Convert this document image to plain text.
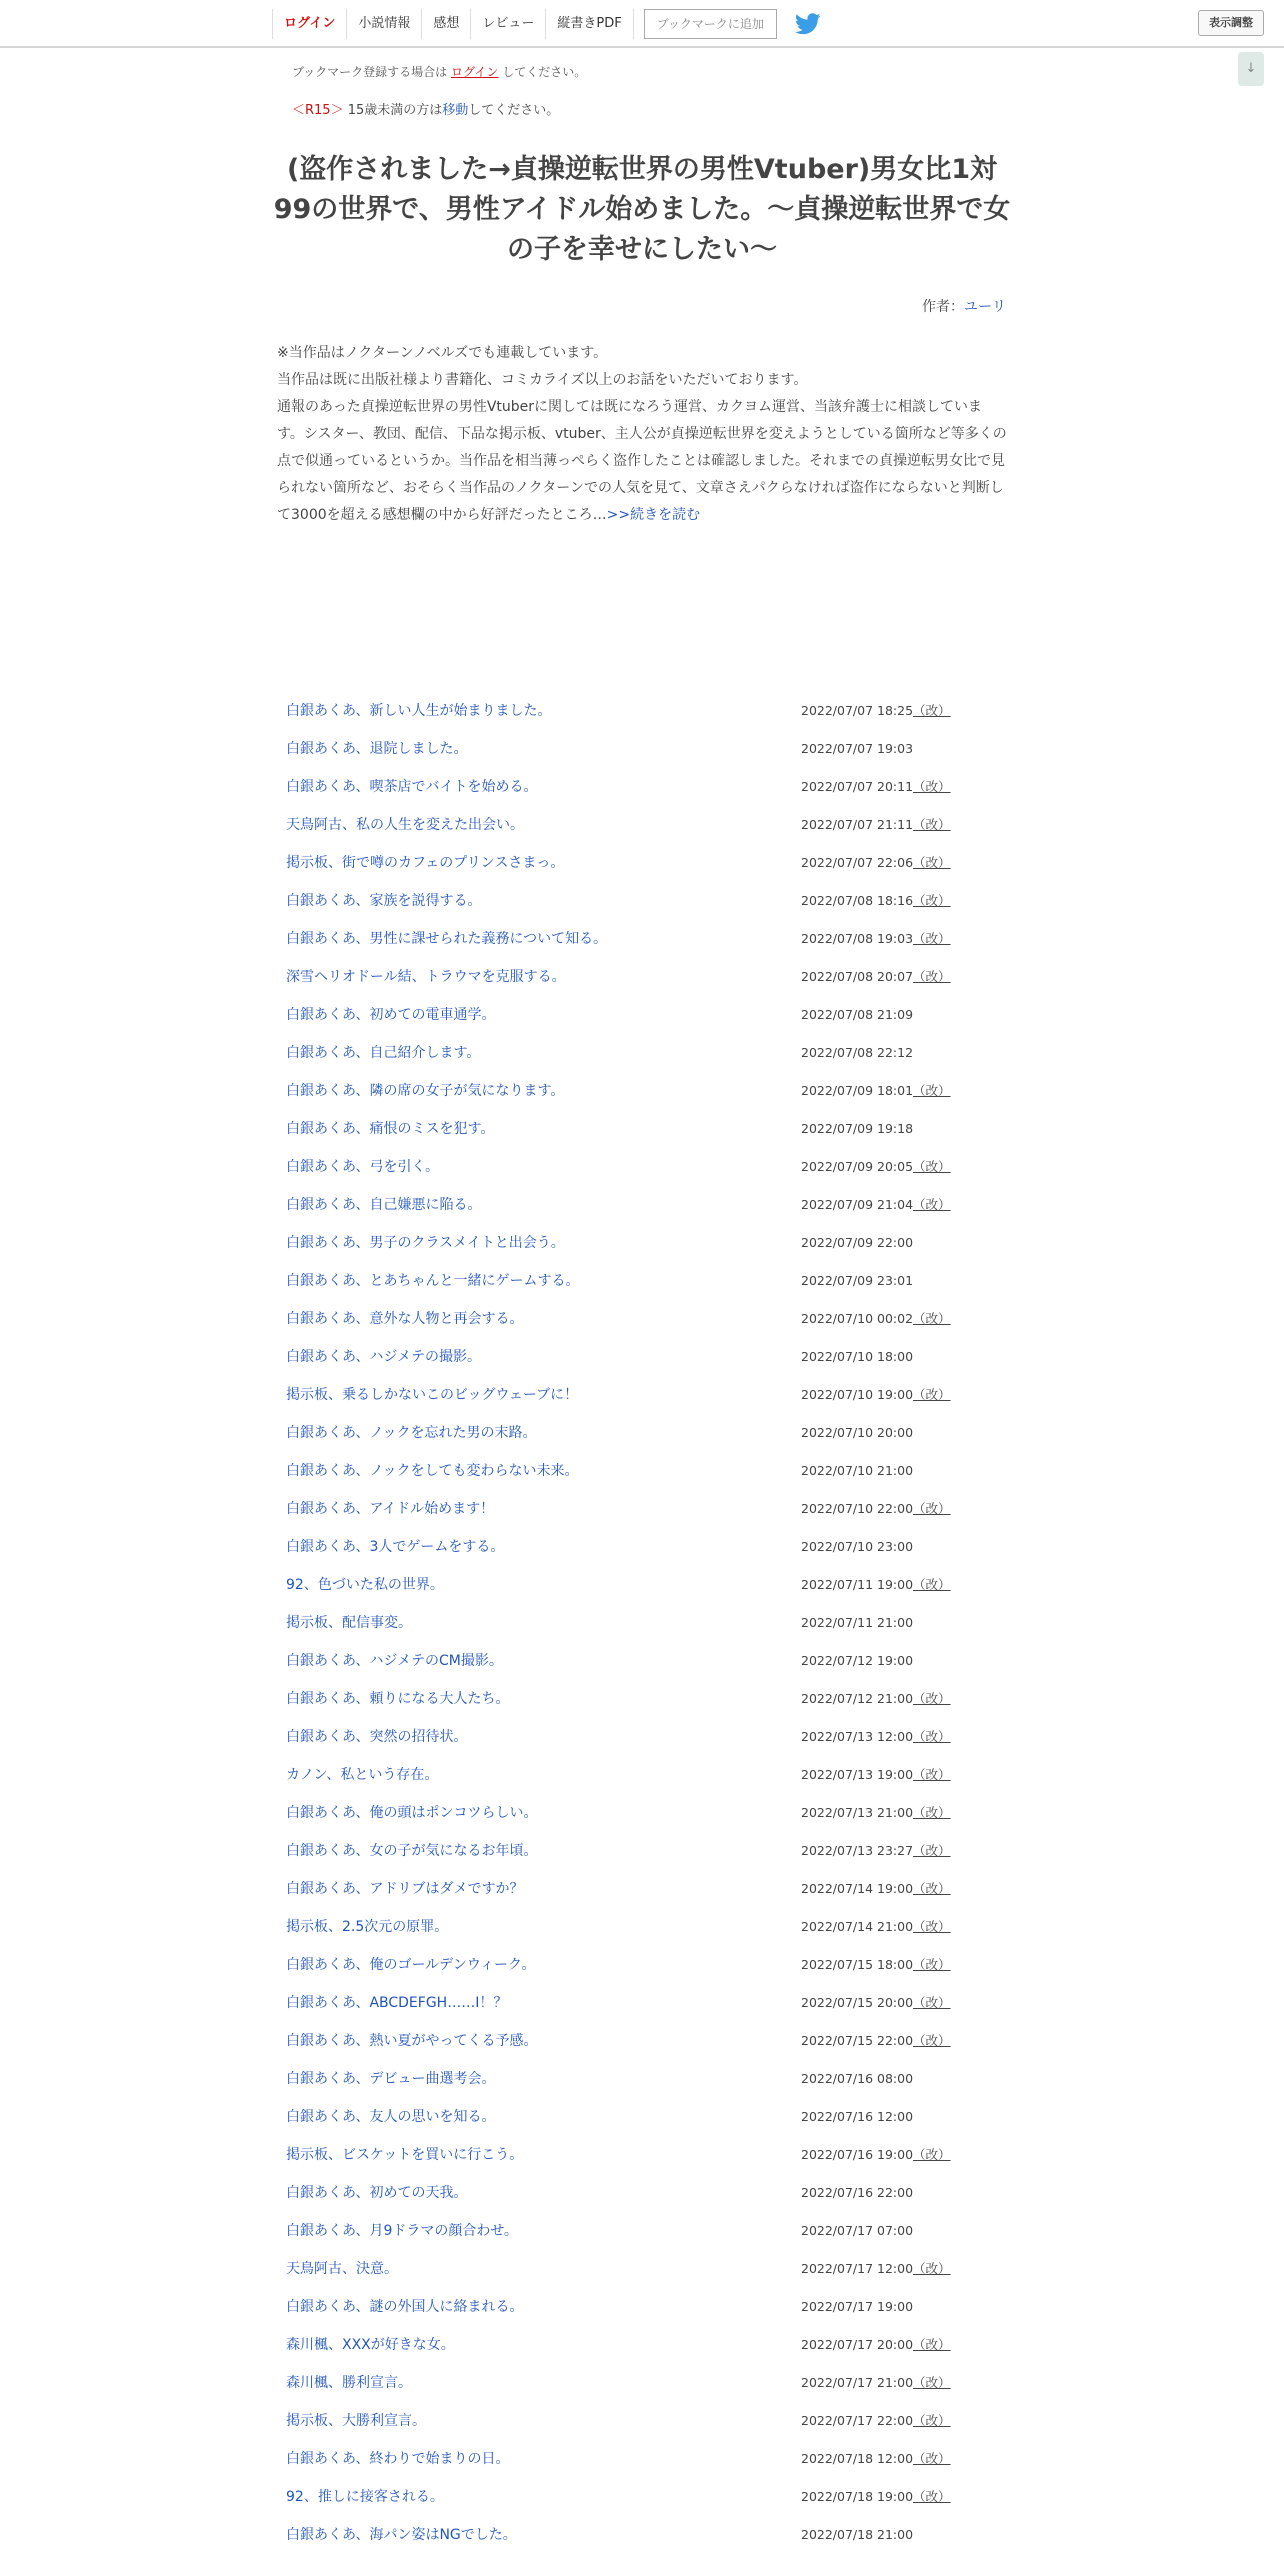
ログイン	小説情報	感想	レビュー	縦書きPDF	ブックマークに追加	表示調整
↓
ブックマーク登録する場合は ログイン してください。
＜R15＞ 15歳未満の方は移動してください。
(盗作されました→貞操逆転世界の男性Vtuber)男女比1対99の世界で、男性アイドル始めました。〜貞操逆転世界で女の子を幸せにしたい〜
作者：ユーリ
※当作品はノクターンノベルズでも連載しています。
当作品は既に出版社様より書籍化、コミカライズ以上のお話をいただいております。
通報のあった貞操逆転世界の男性Vtuberに関しては既になろう運営、カクヨム運営、当該弁護士に相談しています。シスター、教団、配信、下品な掲示板、vtuber、主人公が貞操逆転世界を変えようとしている箇所など等多くの点で似通っているというか。当作品を相当薄っぺらく盗作したことは確認しました。それまでの貞操逆転男女比で見られない箇所など、おそらく当作品のノクターンでの人気を見て、文章さえパクらなければ盗作にならないと判断して3000を超える感想欄の中から好評だったところ…>>続きを読む
白銀あくあ、新しい人生が始まりました。	2022/07/07 18:25（改）
白銀あくあ、退院しました。	2022/07/07 19:03
白銀あくあ、喫茶店でバイトを始める。	2022/07/07 20:11（改）
天鳥阿古、私の人生を変えた出会い。	2022/07/07 21:11（改）
掲示板、街で噂のカフェのプリンスさまっ。	2022/07/07 22:06（改）
白銀あくあ、家族を説得する。	2022/07/08 18:16（改）
白銀あくあ、男性に課せられた義務について知る。	2022/07/08 19:03（改）
深雪ヘリオドール結、トラウマを克服する。	2022/07/08 20:07（改）
白銀あくあ、初めての電車通学。	2022/07/08 21:09
白銀あくあ、自己紹介します。	2022/07/08 22:12
白銀あくあ、隣の席の女子が気になります。	2022/07/09 18:01（改）
白銀あくあ、痛恨のミスを犯す。	2022/07/09 19:18
白銀あくあ、弓を引く。	2022/07/09 20:05（改）
白銀あくあ、自己嫌悪に陥る。	2022/07/09 21:04（改）
白銀あくあ、男子のクラスメイトと出会う。	2022/07/09 22:00
白銀あくあ、とあちゃんと一緒にゲームする。	2022/07/09 23:01
白銀あくあ、意外な人物と再会する。	2022/07/10 00:02（改）
白銀あくあ、ハジメテの撮影。	2022/07/10 18:00
掲示板、乗るしかないこのビッグウェーブに！	2022/07/10 19:00（改）
白銀あくあ、ノックを忘れた男の末路。	2022/07/10 20:00
白銀あくあ、ノックをしても変わらない未来。	2022/07/10 21:00
白銀あくあ、アイドル始めます！	2022/07/10 22:00（改）
白銀あくあ、3人でゲームをする。	2022/07/10 23:00
92、色づいた私の世界。	2022/07/11 19:00（改）
掲示板、配信事変。	2022/07/11 21:00
白銀あくあ、ハジメテのCM撮影。	2022/07/12 19:00
白銀あくあ、頼りになる大人たち。	2022/07/12 21:00（改）
白銀あくあ、突然の招待状。	2022/07/13 12:00（改）
カノン、私という存在。	2022/07/13 19:00（改）
白銀あくあ、俺の頭はポンコツらしい。	2022/07/13 21:00（改）
白銀あくあ、女の子が気になるお年頃。	2022/07/13 23:27（改）
白銀あくあ、アドリブはダメですか？	2022/07/14 19:00（改）
掲示板、2.5次元の原罪。	2022/07/14 21:00（改）
白銀あくあ、俺のゴールデンウィーク。	2022/07/15 18:00（改）
白銀あくあ、ABCDEFGH……I！？	2022/07/15 20:00（改）
白銀あくあ、熱い夏がやってくる予感。	2022/07/15 22:00（改）
白銀あくあ、デビュー曲選考会。	2022/07/16 08:00
白銀あくあ、友人の思いを知る。	2022/07/16 12:00
掲示板、ビスケットを買いに行こう。	2022/07/16 19:00（改）
白銀あくあ、初めての天我。	2022/07/16 22:00
白銀あくあ、月9ドラマの顔合わせ。	2022/07/17 07:00
天鳥阿古、決意。	2022/07/17 12:00（改）
白銀あくあ、謎の外国人に絡まれる。	2022/07/17 19:00
森川楓、XXXが好きな女。	2022/07/17 20:00（改）
森川楓、勝利宣言。	2022/07/17 21:00（改）
掲示板、大勝利宣言。	2022/07/17 22:00（改）
白銀あくあ、終わりで始まりの日。	2022/07/18 12:00（改）
92、推しに接客される。	2022/07/18 19:00（改）
白銀あくあ、海パン姿はNGでした。	2022/07/18 21:00
